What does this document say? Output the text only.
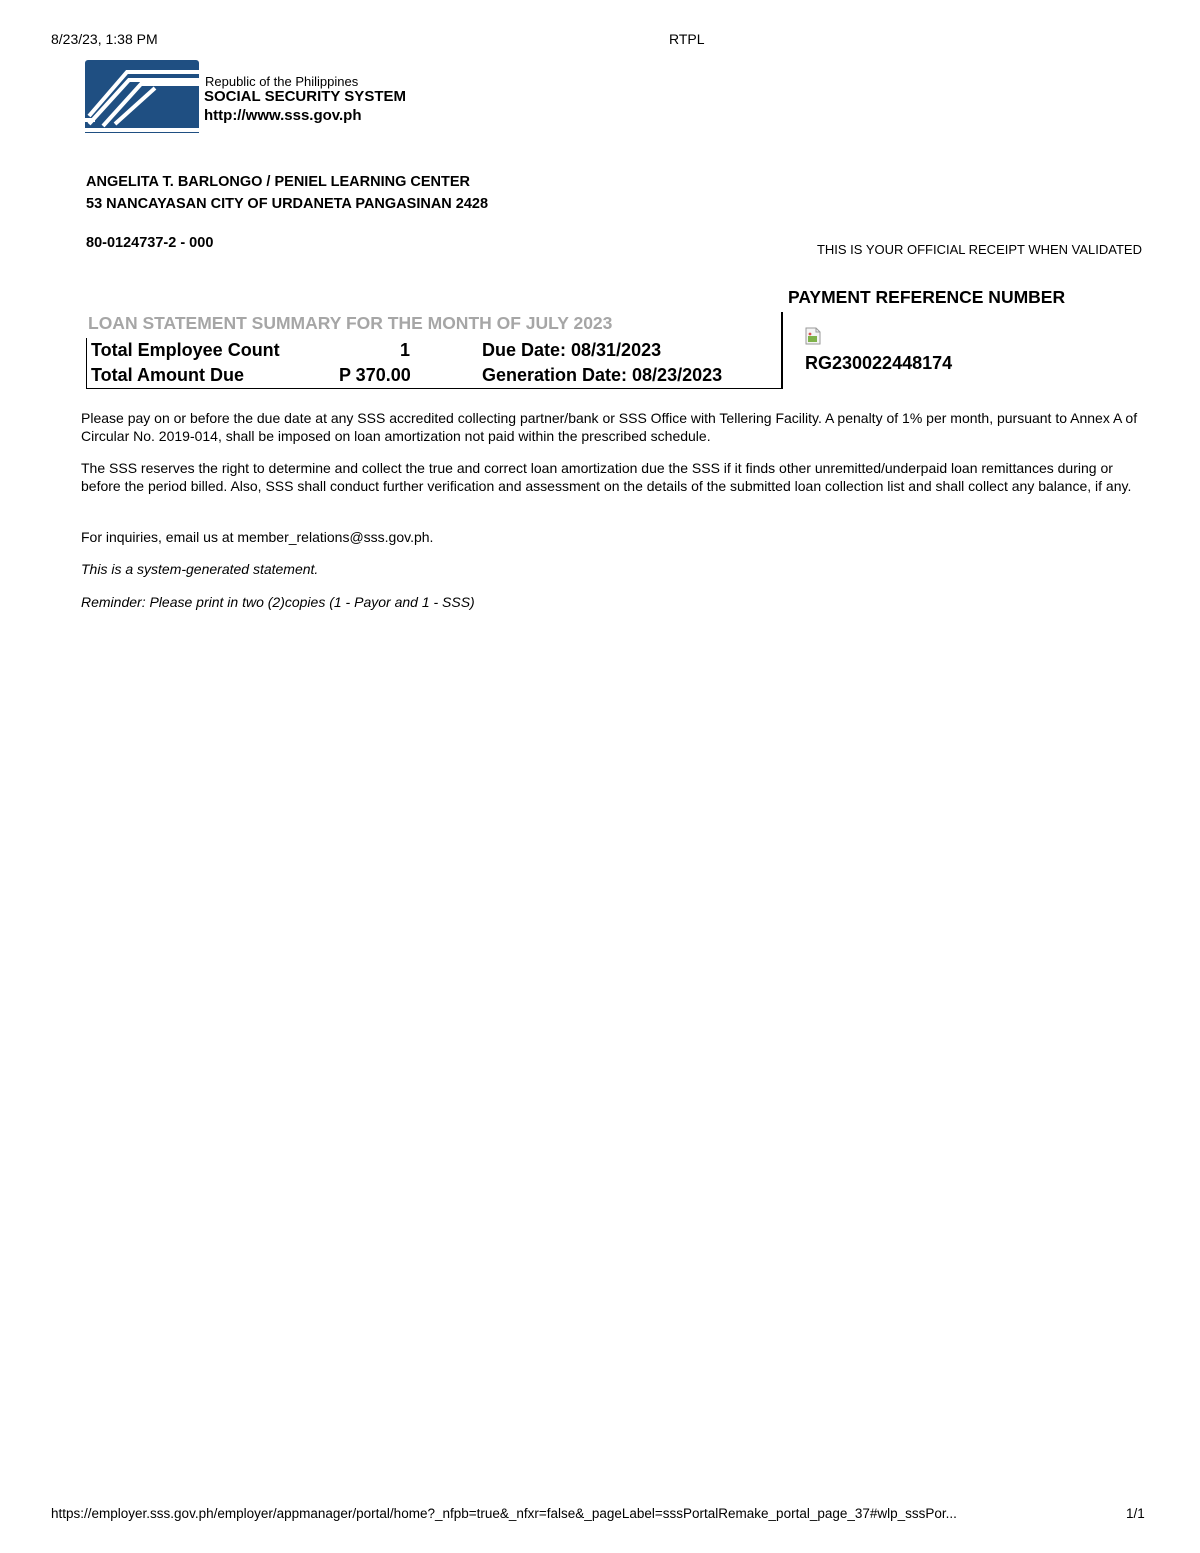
8/23/23, 1:38 PM	RTPL
Republic of the Philippines
SOCIAL SECURITY SYSTEM
http://www.sss.gov.ph
ANGELITA T. BARLONGO / PENIEL LEARNING CENTER
53 NANCAYASAN CITY OF URDANETA PANGASINAN 2428
80-0124737-2 - 000	THIS IS YOUR OFFICIAL RECEIPT WHEN VALIDATED
PAYMENT REFERENCE NUMBER
RG230022448174
LOAN STATEMENT SUMMARY FOR THE MONTH OF JULY 2023
Total Employee Count	1	Due Date: 08/31/2023
Total Amount Due	P 370.00	Generation Date: 08/23/2023
Please pay on or before the due date at any SSS accredited collecting partner/bank or SSS Office with Tellering Facility. A penalty of 1% per month, pursuant to Annex A of Circular No. 2019-014, shall be imposed on loan amortization not paid within the prescribed schedule.
The SSS reserves the right to determine and collect the true and correct loan amortization due the SSS if it finds other unremitted/underpaid loan remittances during or before the period billed. Also, SSS shall conduct further verification and assessment on the details of the submitted loan collection list and shall collect any balance, if any.
For inquiries, email us at member_relations@sss.gov.ph.
This is a system-generated statement.
Reminder: Please print in two (2)copies (1 - Payor and 1 - SSS)
https://employer.sss.gov.ph/employer/appmanager/portal/home?_nfpb=true&_nfxr=false&_pageLabel=sssPortalRemake_portal_page_37#wlp_sssPor...	1/1
